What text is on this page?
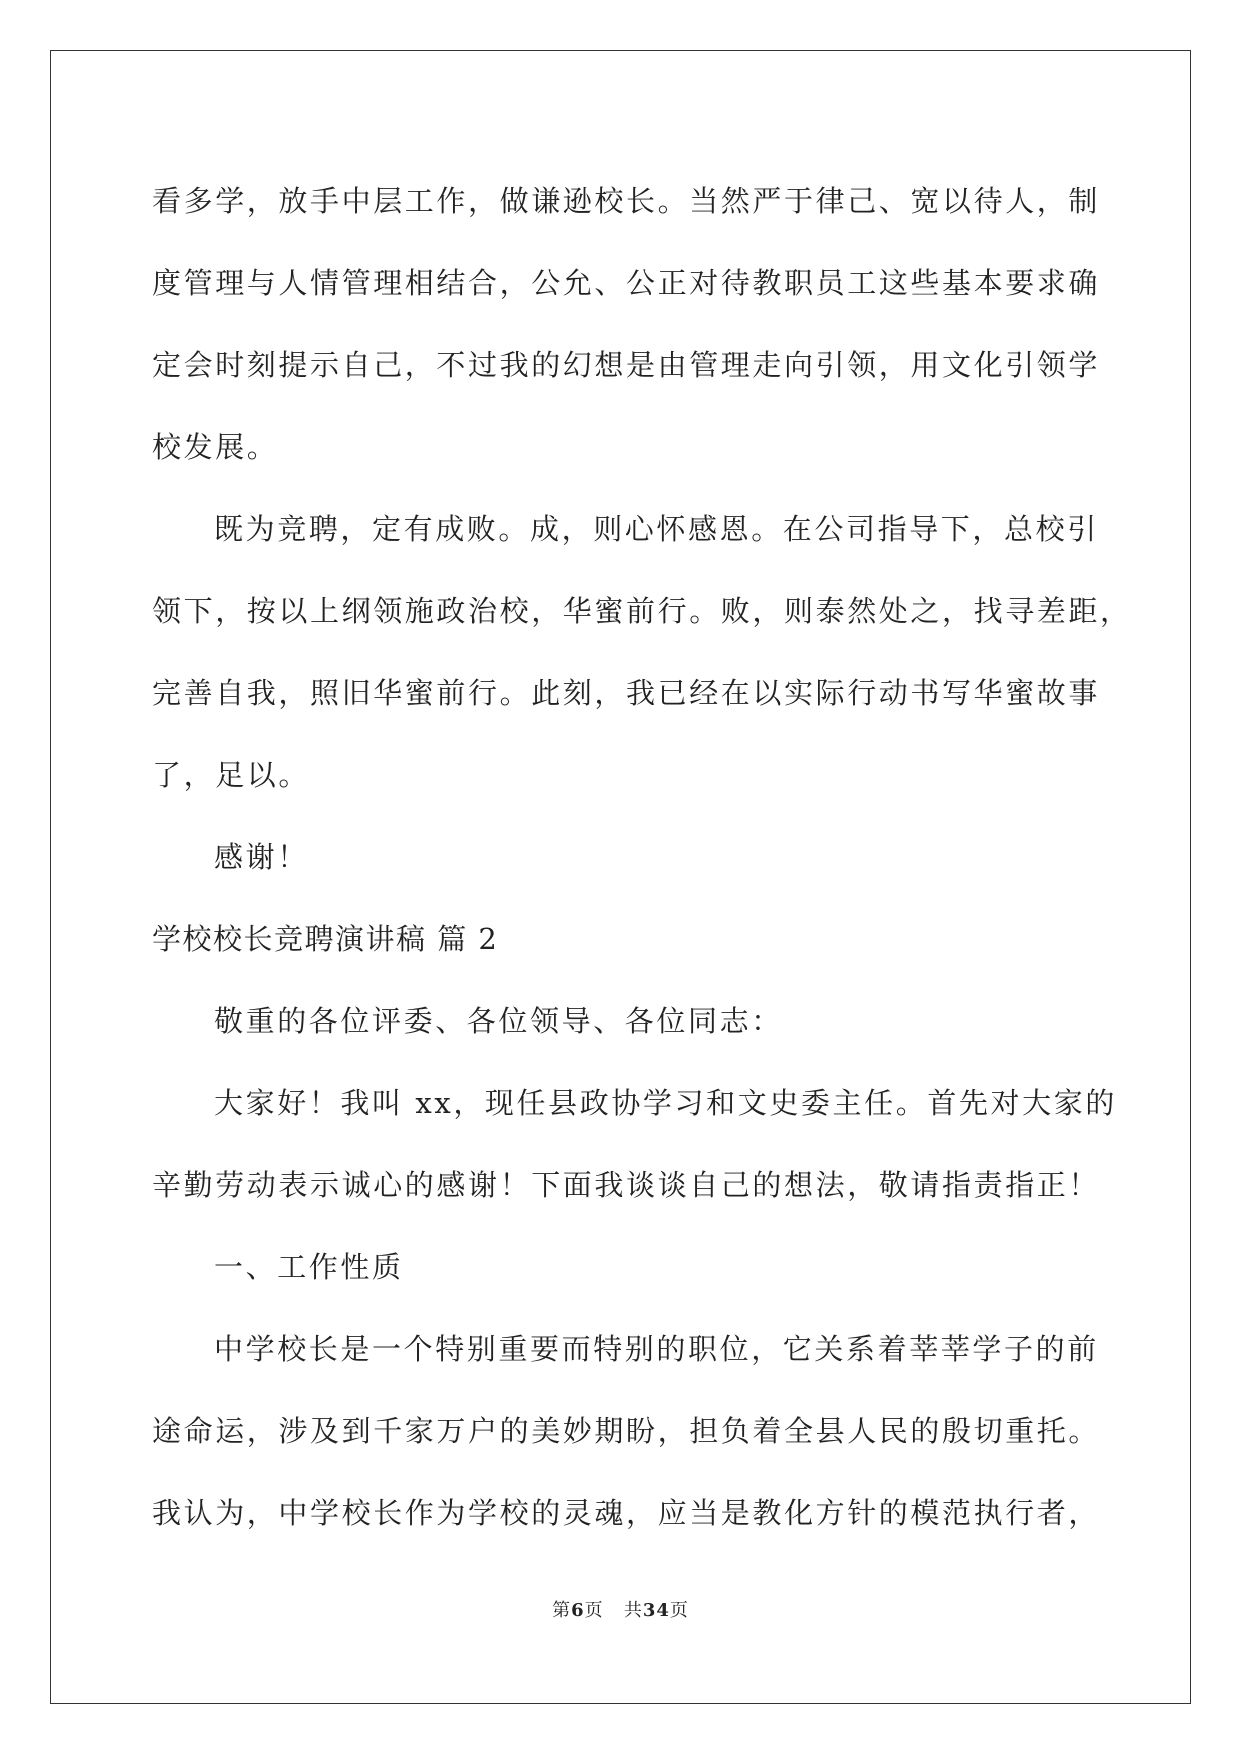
看多学，放手中层工作，做谦逊校长。当然严于律己、宽以待人，制
度管理与人情管理相结合，公允、公正对待教职员工这些基本要求确
定会时刻提示自己，不过我的幻想是由管理走向引领，用文化引领学
校发展。
既为竞聘，定有成败。成，则心怀感恩。在公司指导下，总校引
领下，按以上纲领施政治校，华蜜前行。败，则泰然处之，找寻差距，
完善自我，照旧华蜜前行。此刻，我已经在以实际行动书写华蜜故事
了，足以。
感谢！
学校校长竞聘演讲稿 篇 2
敬重的各位评委、各位领导、各位同志：
大家好！我叫 xx，现任县政协学习和文史委主任。首先对大家的
辛勤劳动表示诚心的感谢！下面我谈谈自己的想法，敬请指责指正！
一、工作性质
中学校长是一个特别重要而特别的职位，它关系着莘莘学子的前
途命运，涉及到千家万户的美妙期盼，担负着全县人民的殷切重托。
我认为，中学校长作为学校的灵魂，应当是教化方针的模范执行者，
第6页 共34页
